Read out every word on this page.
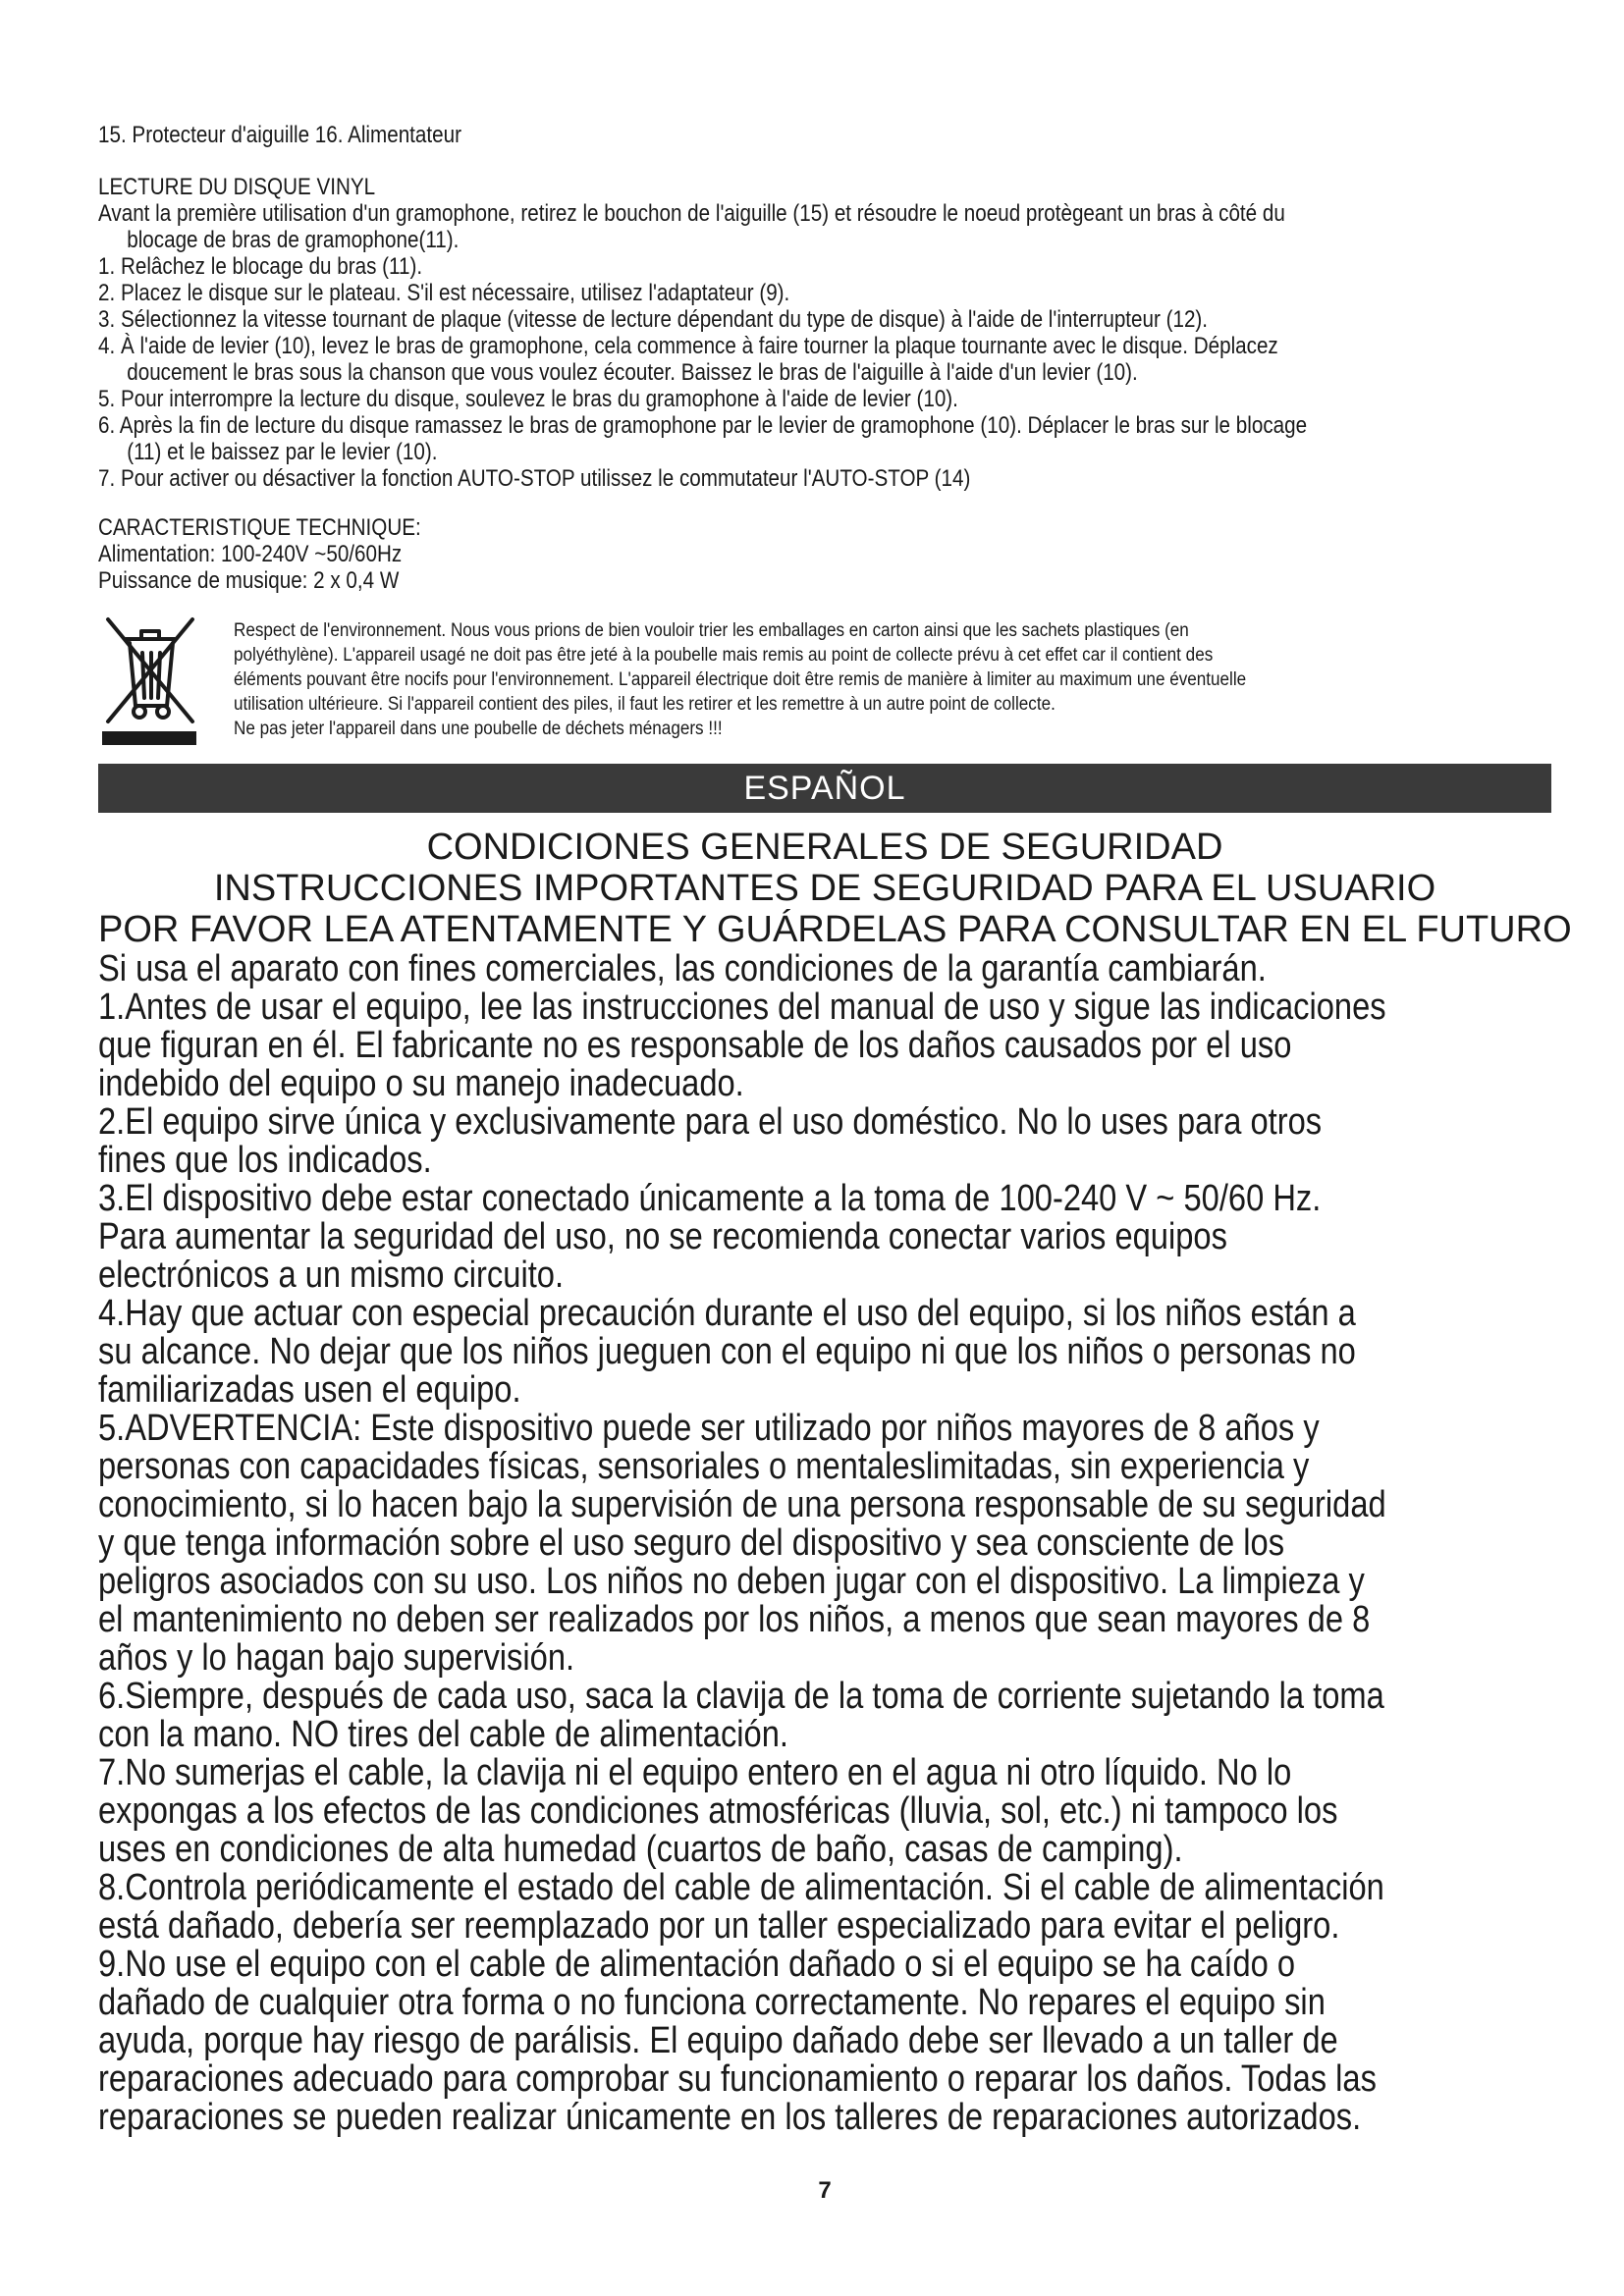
15. Protecteur d'aiguille 16. Alimentateur
LECTURE DU DISQUE VINYL
Avant la première utilisation d'un gramophone, retirez le bouchon de l'aiguille (15) et résoudre le noeud protègeant un bras à côté du
blocage de bras de gramophone(11).
1. Relâchez le blocage du bras (11).
2. Placez le disque sur le plateau. S'il est nécessaire, utilisez l'adaptateur (9).
3. Sélectionnez la vitesse tournant de plaque (vitesse de lecture dépendant du type de disque) à l'aide de l'interrupteur (12).
4. À l'aide de levier (10), levez le bras de gramophone, cela commence à faire tourner la plaque tournante avec le disque. Déplacez
doucement le bras sous la chanson que vous voulez écouter. Baissez le bras de l'aiguille à l'aide d'un levier (10).
5. Pour interrompre la lecture du disque, soulevez le bras du gramophone à l'aide de levier (10).
6. Après la fin de lecture du disque ramassez le bras de gramophone par le levier de gramophone (10). Déplacer le bras sur le blocage
(11) et le baissez par le levier (10).
7. Pour activer ou désactiver la fonction AUTO-STOP utilissez le commutateur l'AUTO-STOP (14)
CARACTERISTIQUE TECHNIQUE:
Alimentation: 100-240V ~50/60Hz
Puissance de musique: 2 x 0,4 W
Respect de l'environnement. Nous vous prions de bien vouloir trier les emballages en carton ainsi que les sachets plastiques (en
polyéthylène). L'appareil usagé ne doit pas être jeté à la poubelle mais remis au point de collecte prévu à cet effet car il contient des
éléments pouvant être nocifs pour l'environnement. L'appareil électrique doit être remis de manière à limiter au maximum une éventuelle
utilisation ultérieure. Si l'appareil contient des piles, il faut les retirer et les remettre à un autre point de collecte.
Ne pas jeter l'appareil dans une poubelle de déchets ménagers !!!
ESPAÑOL
CONDICIONES GENERALES DE SEGURIDAD
INSTRUCCIONES IMPORTANTES DE SEGURIDAD PARA EL USUARIO
POR FAVOR LEA ATENTAMENTE Y GUÁRDELAS PARA CONSULTAR EN EL FUTURO
Si usa el aparato con fines comerciales, las condiciones de la garantía cambiarán.
1.Antes de usar el equipo, lee las instrucciones del manual de uso y sigue las indicaciones
que figuran en él. El fabricante no es responsable de los daños causados por el uso
indebido del equipo o su manejo inadecuado.
2.El equipo sirve única y exclusivamente para el uso doméstico. No lo uses para otros
fines que los indicados.
3.El dispositivo debe estar conectado únicamente a la toma de 100-240 V ~ 50/60 Hz.
Para aumentar la seguridad del uso, no se recomienda conectar varios equipos
electrónicos a un mismo circuito.
4.Hay que actuar con especial precaución durante el uso del equipo, si los niños están a
su alcance. No dejar que los niños jueguen con el equipo ni que los niños o personas no
familiarizadas usen el equipo.
5.ADVERTENCIA: Este dispositivo puede ser utilizado por niños mayores de 8 años y
personas con capacidades físicas, sensoriales o mentaleslimitadas, sin experiencia y
conocimiento, si lo hacen bajo la supervisión de una persona responsable de su seguridad
y que tenga información sobre el uso seguro del dispositivo y sea consciente de los
peligros asociados con su uso. Los niños no deben jugar con el dispositivo. La limpieza y
el mantenimiento no deben ser realizados por los niños, a menos que sean mayores de 8
años y lo hagan bajo supervisión.
6.Siempre, después de cada uso, saca la clavija de la toma de corriente sujetando la toma
con la mano. NO tires del cable de alimentación.
7.No sumerjas el cable, la clavija ni el equipo entero en el agua ni otro líquido. No lo
expongas a los efectos de las condiciones atmosféricas (lluvia, sol, etc.) ni tampoco los
uses en condiciones de alta humedad (cuartos de baño, casas de camping).
8.Controla periódicamente el estado del cable de alimentación. Si el cable de alimentación
está dañado, debería ser reemplazado por un taller especializado para evitar el peligro.
9.No use el equipo con el cable de alimentación dañado o si el equipo se ha caído o
dañado de cualquier otra forma o no funciona correctamente. No repares el equipo sin
ayuda, porque hay riesgo de parálisis. El equipo dañado debe ser llevado a un taller de
reparaciones adecuado para comprobar su funcionamiento o reparar los daños. Todas las
reparaciones se pueden realizar únicamente en los talleres de reparaciones autorizados.
7
